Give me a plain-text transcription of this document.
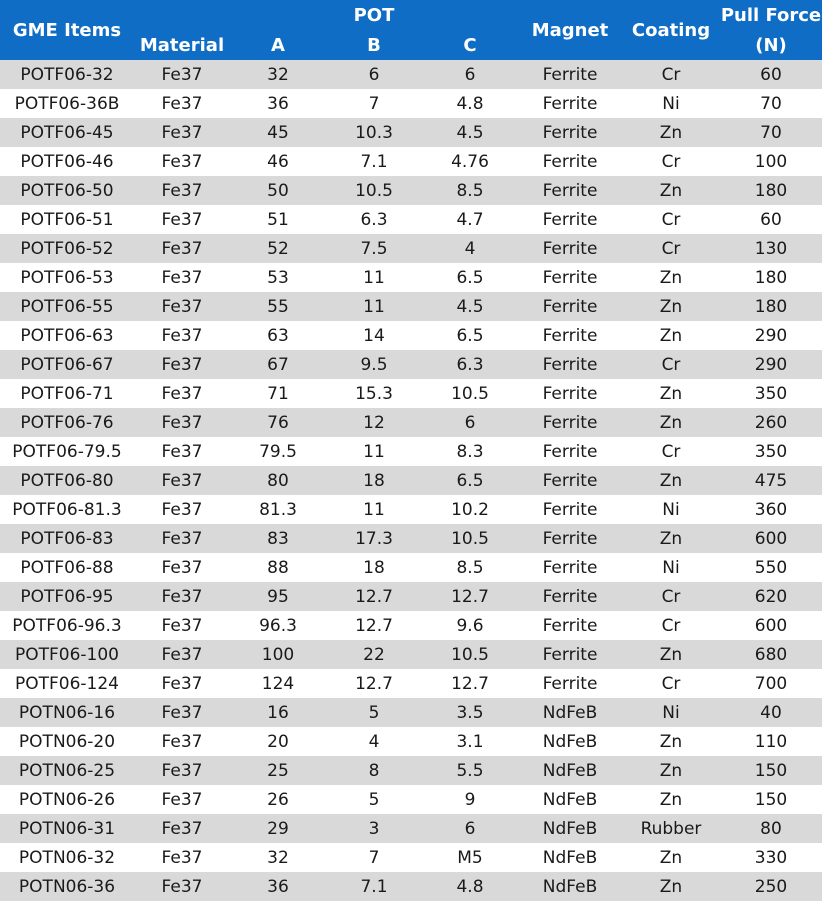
GME Items	Material	POT			Magnet	Coating	Pull Force
		A	B	C			(N)
POTF06-32	Fe37	32	6	6	Ferrite	Cr	60
POTF06-36B	Fe37	36	7	4.8	Ferrite	Ni	70
POTF06-45	Fe37	45	10.3	4.5	Ferrite	Zn	70
POTF06-46	Fe37	46	7.1	4.76	Ferrite	Cr	100
POTF06-50	Fe37	50	10.5	8.5	Ferrite	Zn	180
POTF06-51	Fe37	51	6.3	4.7	Ferrite	Cr	60
POTF06-52	Fe37	52	7.5	4	Ferrite	Cr	130
POTF06-53	Fe37	53	11	6.5	Ferrite	Zn	180
POTF06-55	Fe37	55	11	4.5	Ferrite	Zn	180
POTF06-63	Fe37	63	14	6.5	Ferrite	Zn	290
POTF06-67	Fe37	67	9.5	6.3	Ferrite	Cr	290
POTF06-71	Fe37	71	15.3	10.5	Ferrite	Zn	350
POTF06-76	Fe37	76	12	6	Ferrite	Zn	260
POTF06-79.5	Fe37	79.5	11	8.3	Ferrite	Cr	350
POTF06-80	Fe37	80	18	6.5	Ferrite	Zn	475
POTF06-81.3	Fe37	81.3	11	10.2	Ferrite	Ni	360
POTF06-83	Fe37	83	17.3	10.5	Ferrite	Zn	600
POTF06-88	Fe37	88	18	8.5	Ferrite	Ni	550
POTF06-95	Fe37	95	12.7	12.7	Ferrite	Cr	620
POTF06-96.3	Fe37	96.3	12.7	9.6	Ferrite	Cr	600
POTF06-100	Fe37	100	22	10.5	Ferrite	Zn	680
POTF06-124	Fe37	124	12.7	12.7	Ferrite	Cr	700
POTN06-16	Fe37	16	5	3.5	NdFeB	Ni	40
POTN06-20	Fe37	20	4	3.1	NdFeB	Zn	110
POTN06-25	Fe37	25	8	5.5	NdFeB	Zn	150
POTN06-26	Fe37	26	5	9	NdFeB	Zn	150
POTN06-31	Fe37	29	3	6	NdFeB	Rubber	80
POTN06-32	Fe37	32	7	M5	NdFeB	Zn	330
POTN06-36	Fe37	36	7.1	4.8	NdFeB	Zn	250
